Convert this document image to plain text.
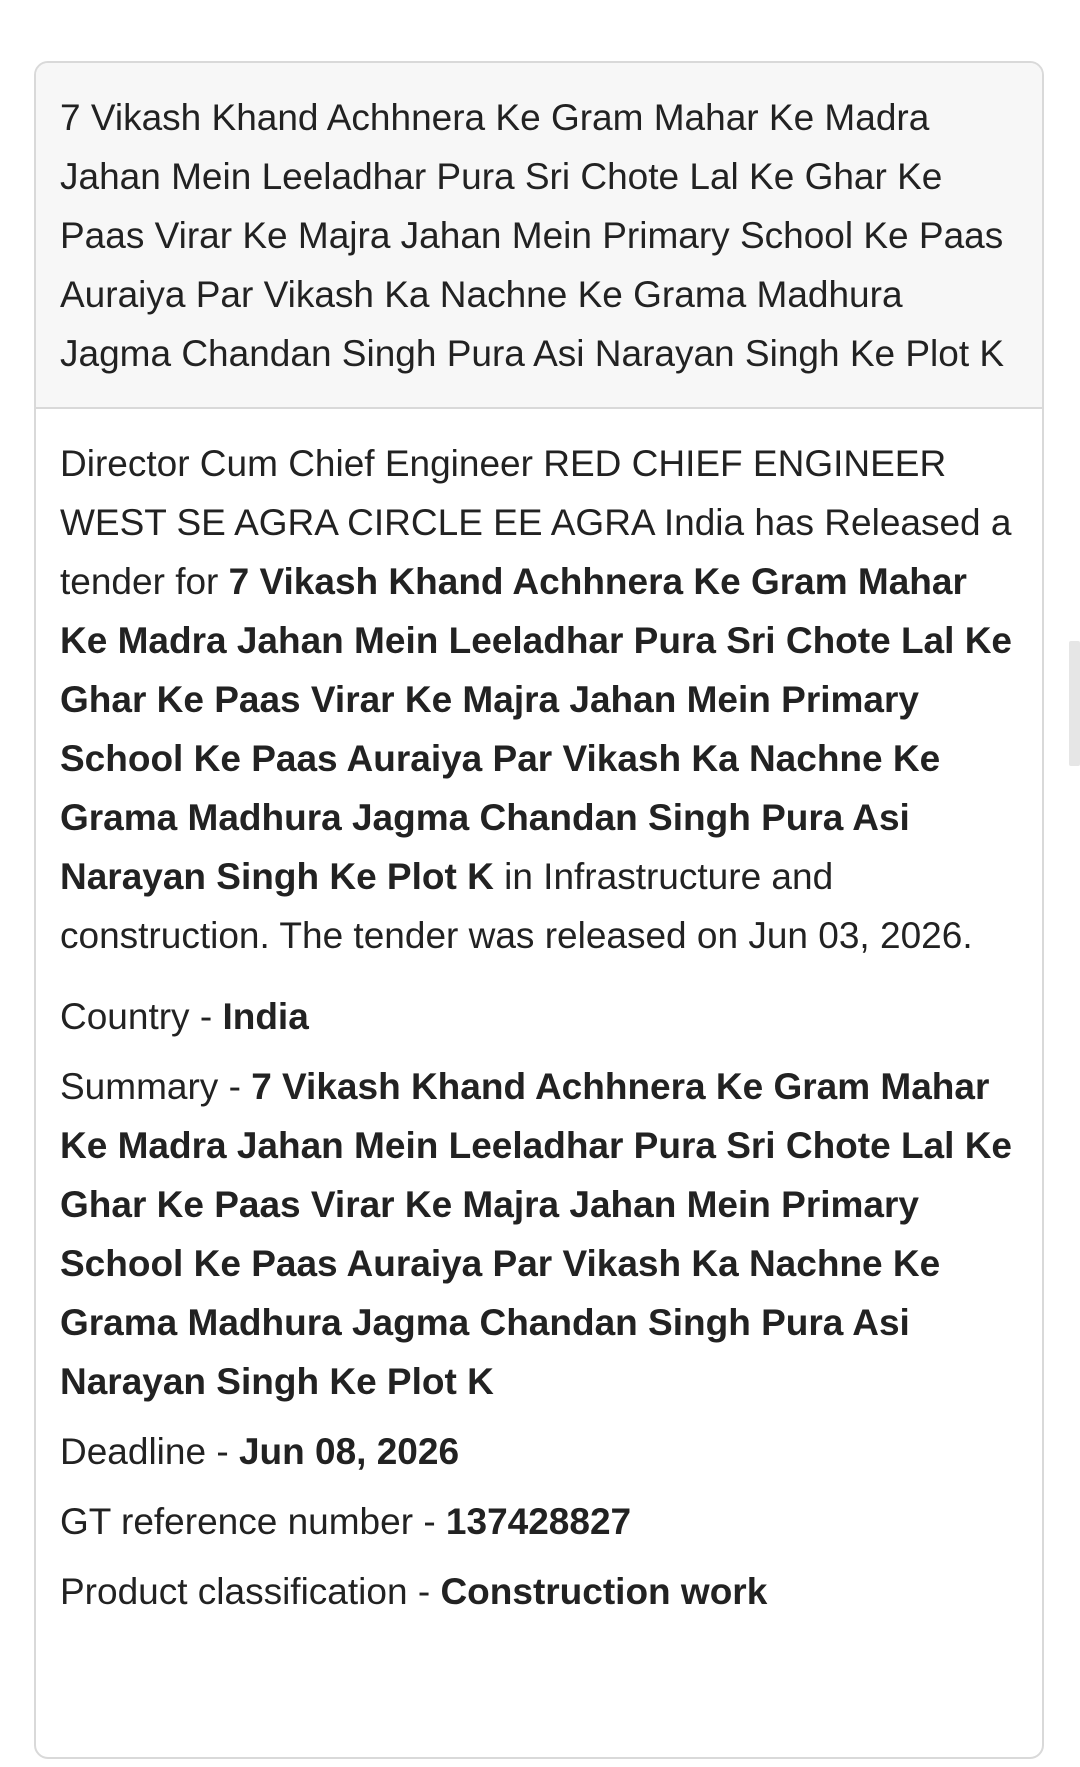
7 Vikash Khand Achhnera Ke Gram Mahar Ke Madra Jahan Mein Leeladhar Pura Sri Chote Lal Ke Ghar Ke Paas Virar Ke Majra Jahan Mein Primary School Ke Paas Auraiya Par Vikash Ka Nachne Ke Grama Madhura Jagma Chandan Singh Pura Asi Narayan Singh Ke Plot K

Director Cum Chief Engineer RED CHIEF ENGINEER WEST SE AGRA CIRCLE EE AGRA India has Released a tender for 7 Vikash Khand Achhnera Ke Gram Mahar Ke Madra Jahan Mein Leeladhar Pura Sri Chote Lal Ke Ghar Ke Paas Virar Ke Majra Jahan Mein Primary School Ke Paas Auraiya Par Vikash Ka Nachne Ke Grama Madhura Jagma Chandan Singh Pura Asi Narayan Singh Ke Plot K in Infrastructure and construction. The tender was released on Jun 03, 2026.

Country - India
Summary - 7 Vikash Khand Achhnera Ke Gram Mahar Ke Madra Jahan Mein Leeladhar Pura Sri Chote Lal Ke Ghar Ke Paas Virar Ke Majra Jahan Mein Primary School Ke Paas Auraiya Par Vikash Ka Nachne Ke Grama Madhura Jagma Chandan Singh Pura Asi Narayan Singh Ke Plot K
Deadline - Jun 08, 2026
GT reference number - 137428827
Product classification - Construction work
